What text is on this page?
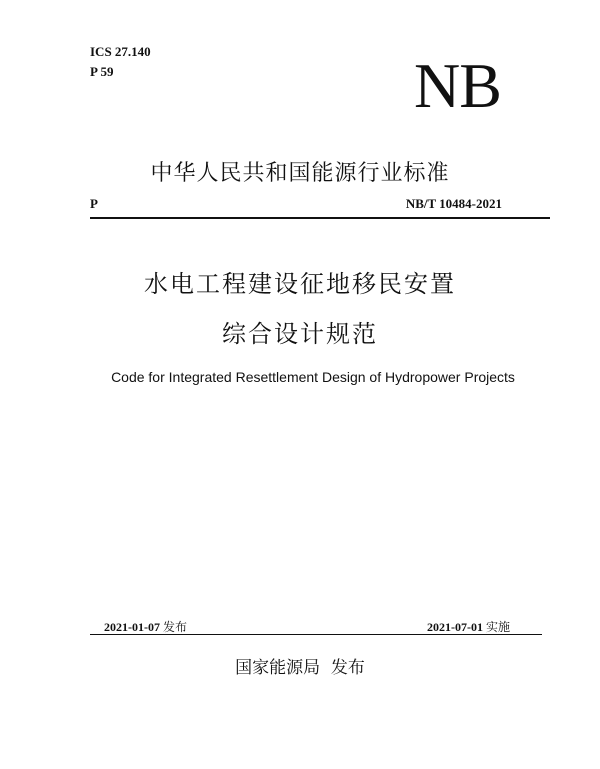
ICS 27.140
P 59	NB
中华人民共和国能源行业标准
P	NB/T 10484-2021
水电工程建设征地移民安置
综合设计规范
Code for Integrated Resettlement Design of Hydropower Projects
2021-01-07 发布	2021-07-01 实施
国家能源局  发布
